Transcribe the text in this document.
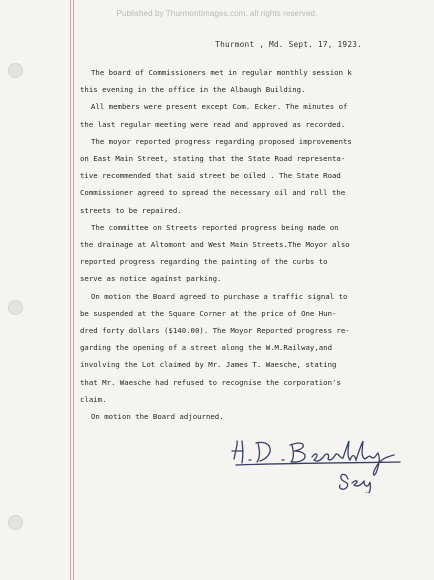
Published by ThurmontImages.com, all rights reserved.
Thurmont , Md. Sept. 17, 1923.
The board of Commissioners met in regular monthly session k
this evening in the office in the Albaugh Building.
All members were present except Com. Ecker. The minutes of
the last regular meeting were read and approved as recorded.
The moyor reported progress regarding proposed improvements
on East Main Street, stating that the State Road representa-
tive recommended that said street be oiled . The State Road
Commissioner agreed to spread the necessary oil and roll the
streets to be repaired.
The committee on Streets reported progress being made on
the drainage at Altomont and West Main Streets.The Moyor also
reported progress regarding the painting of the curbs to
serve as notice against parking.
On motion the Board agreed to purchase a traffic signal to
be suspended at the Square Corner at the price of One Hun-
dred forty dollars ($140.00). The Moyor Reported progress re-
garding the opening of a street along the W.M.Railway,and
involving the Lot claimed by Mr. James T. Waesche, stating
that Mr. Waesche had refused to recognise the corporation's
claim.
On motion the Board adjourned.
